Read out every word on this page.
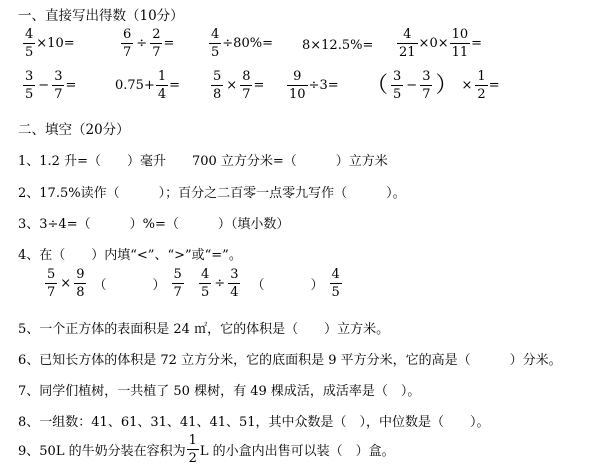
一、直接写出得数（10分）
$\frac{4}{5} \times 10=$	$\frac{6}{7} \div \frac{2}{7}$ =	$\frac{4}{5} \div 80\%= 8\times 12.5\%= \frac{4}{21} \times 0\times \frac{10}{11}$ =
$\frac{3}{5} - \frac{3}{7}$ =	$0.75+ \frac{1}{4} = \frac{5}{8} \times \frac{8}{7} = \frac{9}{10} \div 3=$ （ $\frac{3}{5} - \frac{3}{7}$ ） × $\frac{1}{2}$ =
二、填空（20分）
1、1.2 升=（　　）毫升　　700 立方分米=（　　　）立方米
2、17.5%读作（　　　）；百分之二百零一点零九写作（　　　）。
3、3÷4=（　　　）%=（　　　）（填小数）
4、在（　　）内填“<”、“>”或“=”。
$\frac{5}{7} \times \frac{9}{8}$ （	） $\frac{5}{7} \frac{4}{5} \div \frac{3}{4}$ （	） $\frac{4}{5}$
5、一个正方体的表面积是 24 ㎡，它的体积是（　　）立方米。
6、已知长方体的体积是 72 立方分米，它的底面积是 9 平方分米，它的高是（　　　）分米。
7、同学们植树，一共植了 50 棵树，有 49 棵成活，成活率是（　）。
8、一组数：41、61、31、41、41、51，其中众数是（　），中位数是（　　）。
9、50L 的牛奶分装在容积为 $\frac{1}{2}$ L 的小盒内出售可以装（　）盒。
